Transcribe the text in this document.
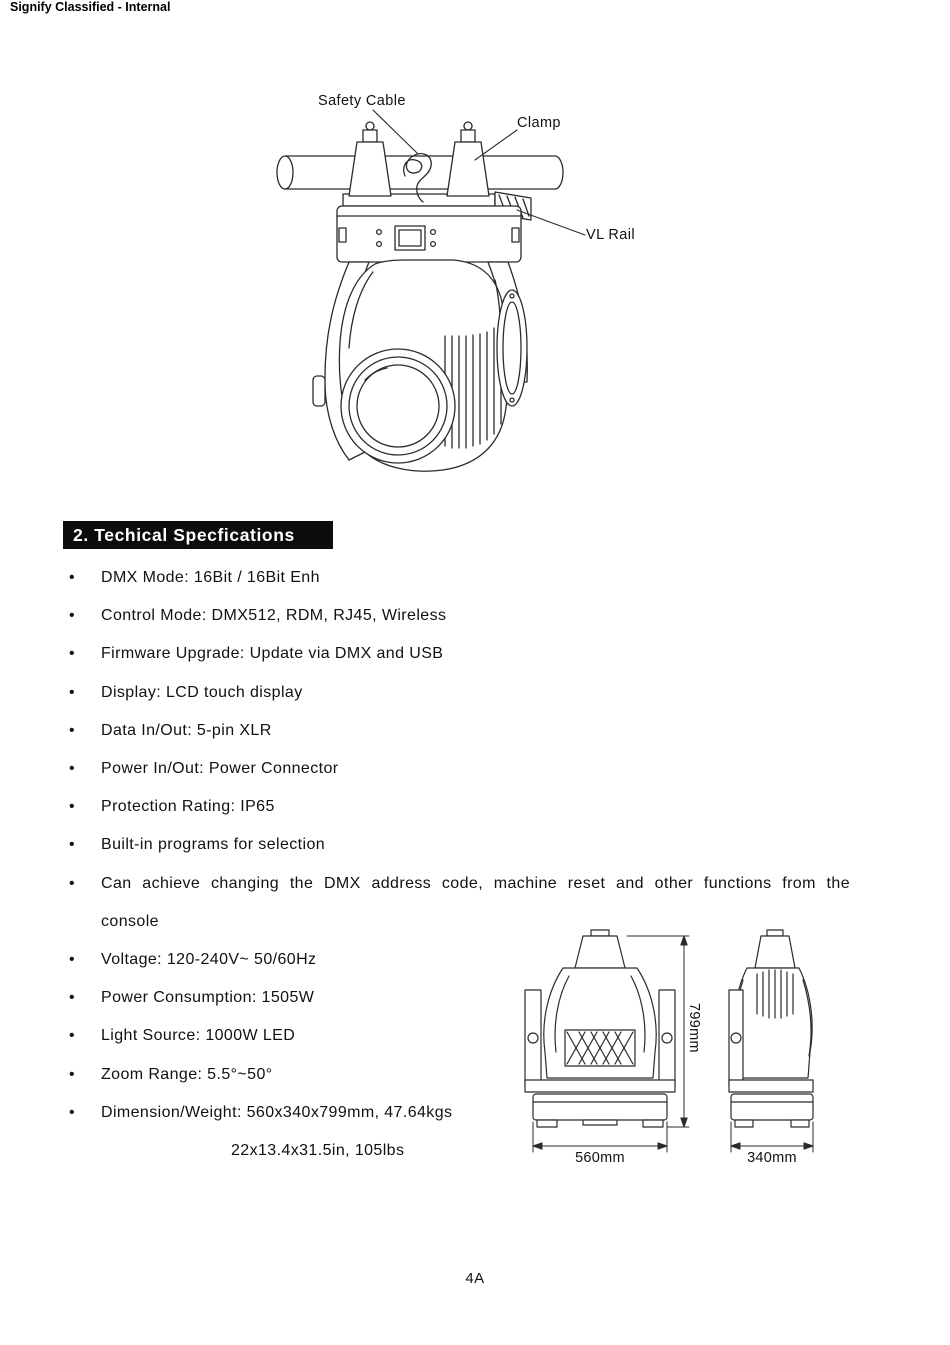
Signify Classified - Internal
Safety Cable
Clamp
VL Rail
2. Techical Specfications
• DMX Mode: 16Bit / 16Bit Enh
• Control Mode: DMX512, RDM, RJ45, Wireless
• Firmware Upgrade: Update via DMX and USB
• Display: LCD touch display
• Data In/Out: 5-pin XLR
• Power In/Out: Power Connector
• Protection Rating: IP65
• Built-in programs for selection
• Can achieve changing the DMX address code, machine reset and other functions from the
console
• Voltage: 120-240V~ 50/60Hz
• Power Consumption: 1505W
• Light Source: 1000W LED
• Zoom Range: 5.5°~50°
• Dimension/Weight: 560x340x799mm, 47.64kgs
22x13.4x31.5in, 105lbs
799mm
560mm	340mm
4A
